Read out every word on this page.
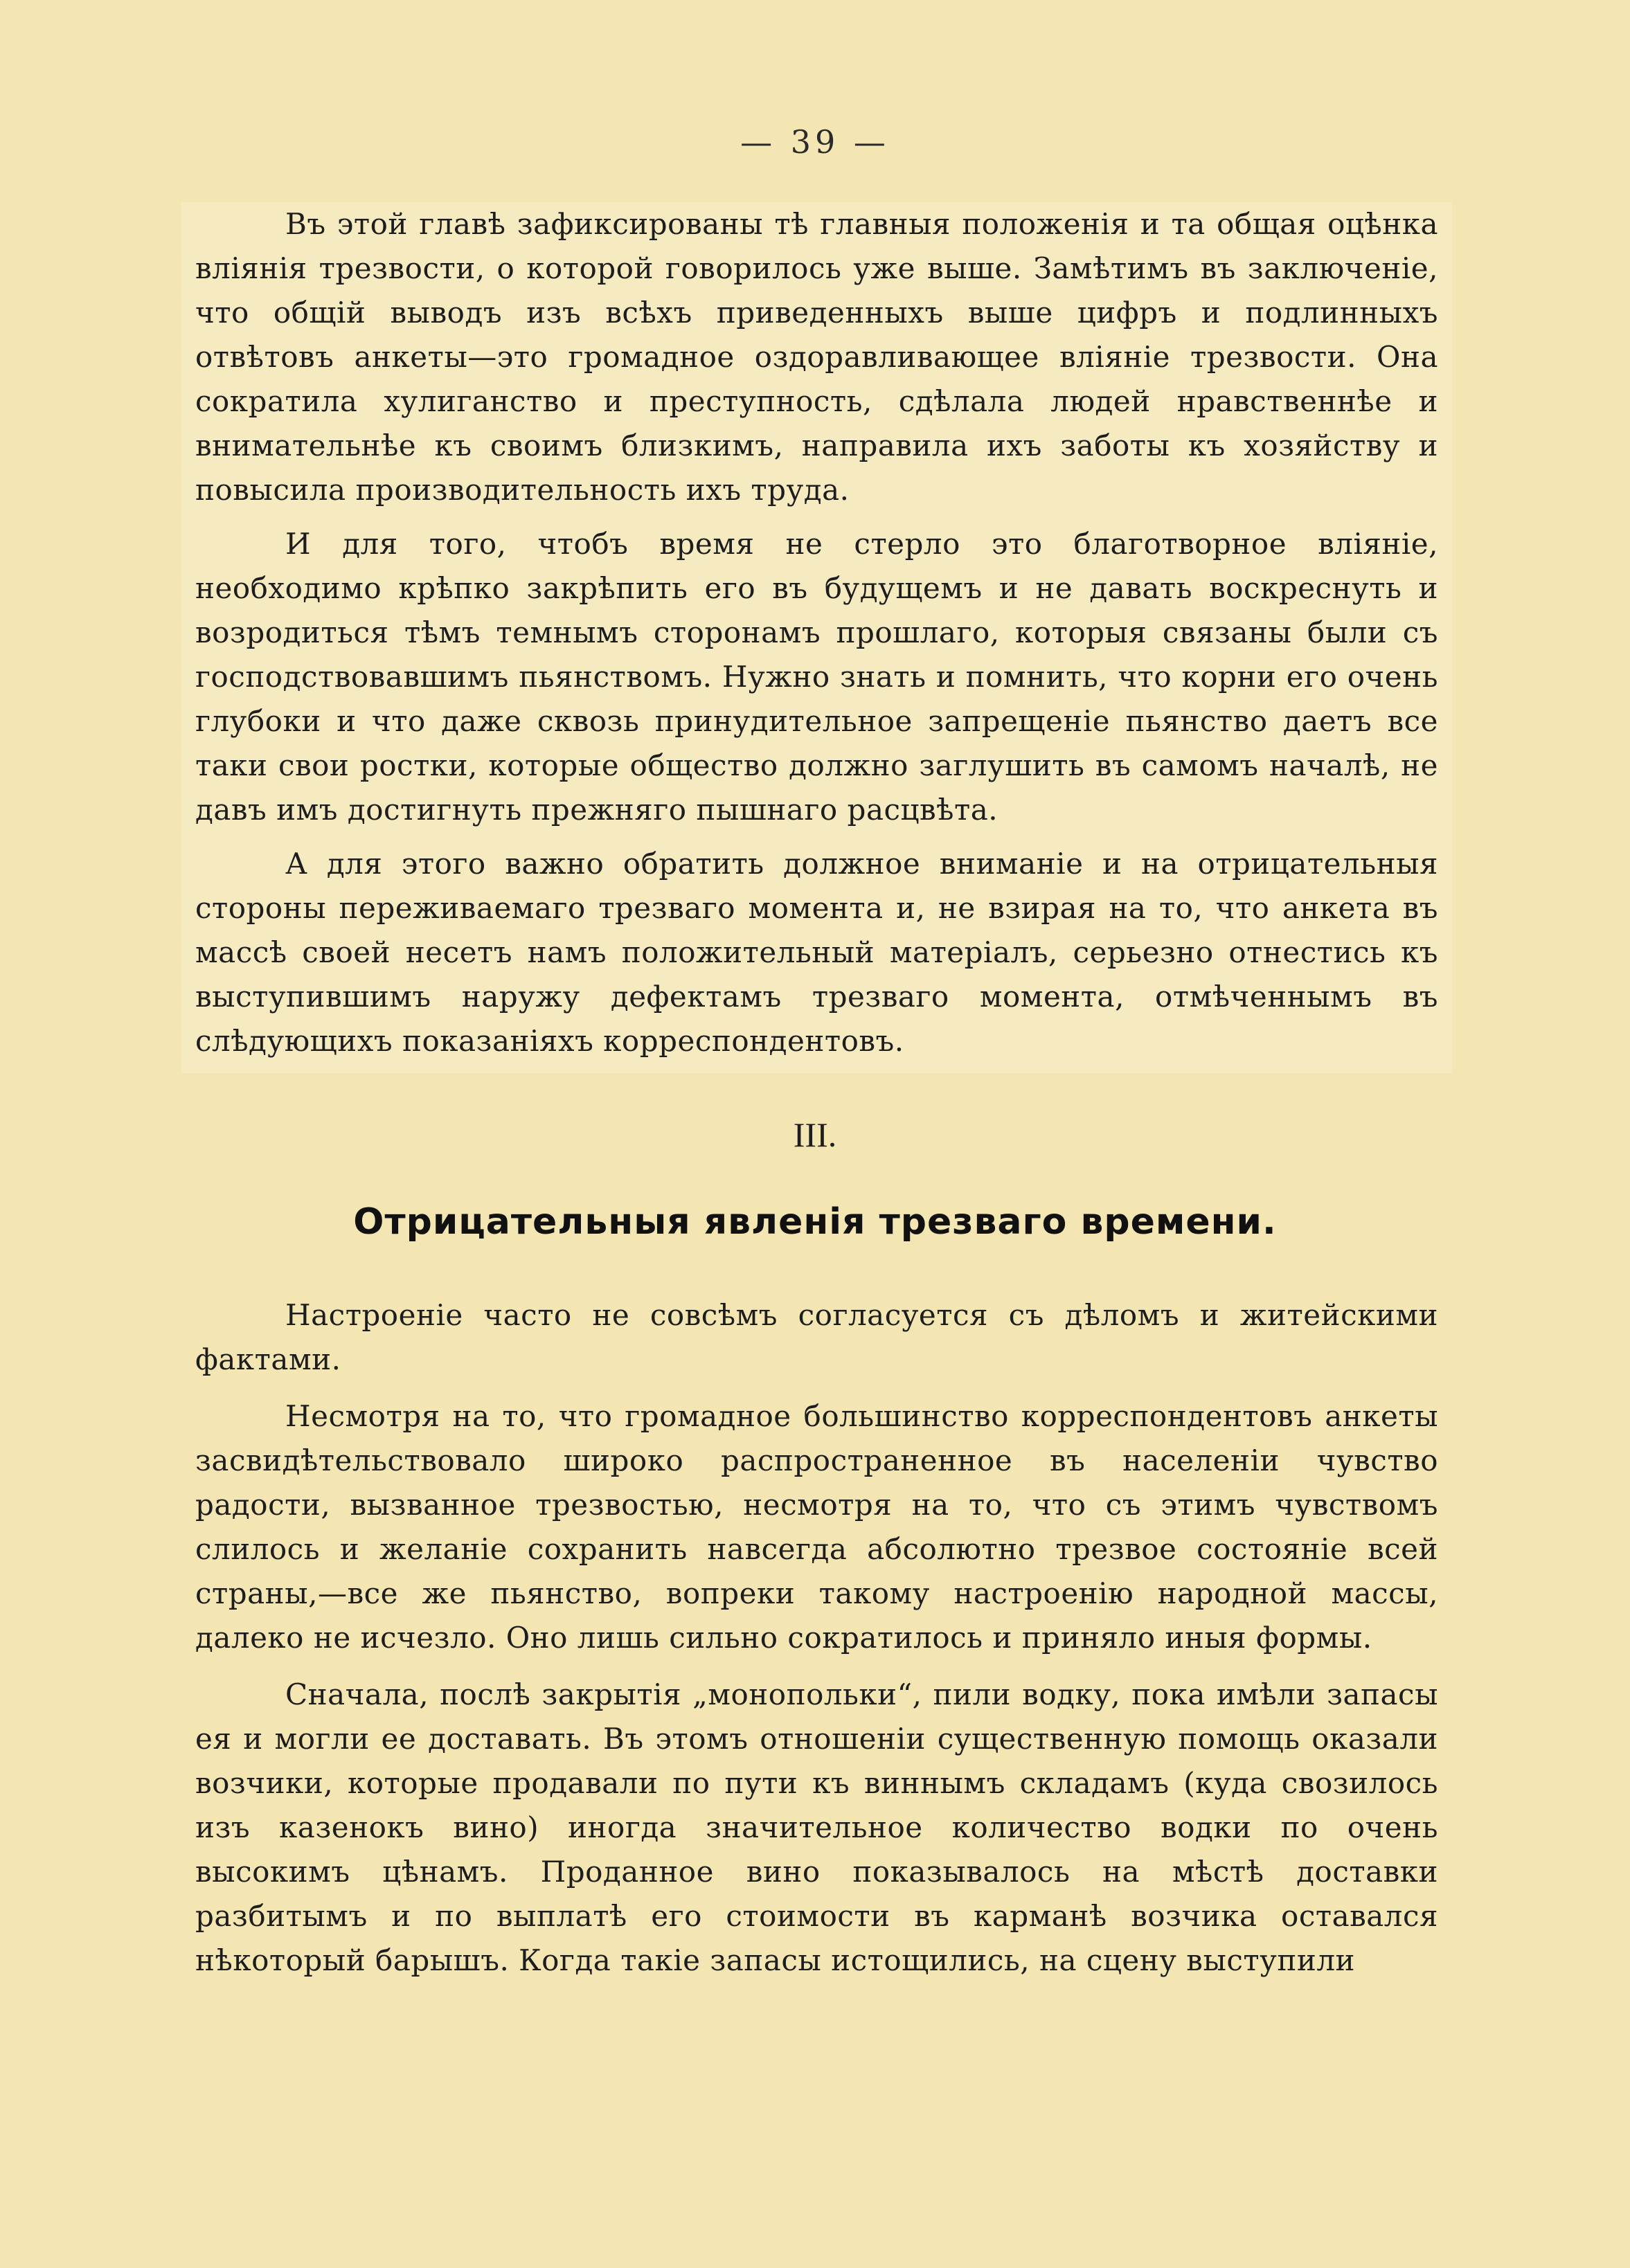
— 39 —

Въ этой главѣ зафиксированы тѣ главныя положенія и та общая оцѣнка вліянія трезвости, о которой говорилось уже выше. Замѣтимъ въ заключеніе, что общій выводъ изъ всѣхъ приведенныхъ выше цифръ и подлинныхъ отвѣтовъ анкеты—это громадное оздоравливающее вліяніе трезвости. Она сократила хулиганство и преступность, сдѣлала людей нравственнѣе и внимательнѣе къ своимъ близкимъ, направила ихъ заботы къ хозяйству и повысила производительность ихъ труда.

И для того, чтобъ время не стерло это благотворное вліяніе, необходимо крѣпко закрѣпить его въ будущемъ и не давать воскреснуть и возродиться тѣмъ темнымъ сторонамъ прошлаго, которыя связаны были съ господствовавшимъ пьянствомъ. Нужно знать и помнить, что корни его очень глубоки и что даже сквозь принудительное запрещеніе пьянство даетъ все таки свои ростки, которые общество должно заглушить въ самомъ началѣ, не давъ имъ достигнуть прежняго пышнаго расцвѣта.

А для этого важно обратить должное вниманіе и на отрицательныя стороны переживаемаго трезваго момента и, не взирая на то, что анкета въ массѣ своей несетъ намъ положительный матеріалъ, серьезно отнестись къ выступившимъ наружу дефектамъ трезваго момента, отмѣченнымъ въ слѣдующихъ показаніяхъ корреспондентовъ.

III.
Отрицательныя явленія трезваго времени.

Настроеніе часто не совсѣмъ согласуется съ дѣломъ и житейскими фактами.

Несмотря на то, что громадное большинство корреспондентовъ анкеты засвидѣтельствовало широко распространенное въ населеніи чувство радости, вызванное трезвостью, несмотря на то, что съ этимъ чувствомъ слилось и желаніе сохранить навсегда абсолютно трезвое состояніе всей страны,—все же пьянство, вопреки такому настроенію народной массы, далеко не исчезло. Оно лишь сильно сократилось и приняло иныя формы.

Сначала, послѣ закрытія „монопольки“, пили водку, пока имѣли запасы ея и могли ее доставать. Въ этомъ отношеніи существенную помощь оказали возчики, которые продавали по пути къ виннымъ складамъ (куда свозилось изъ казенокъ вино) иногда значительное количество водки по очень высокимъ цѣнамъ. Проданное вино показывалось на мѣстѣ доставки разбитымъ и по выплатѣ его стоимости въ карманѣ возчика оставался нѣкоторый барышъ. Когда такіе запасы истощились, на сцену выступили
